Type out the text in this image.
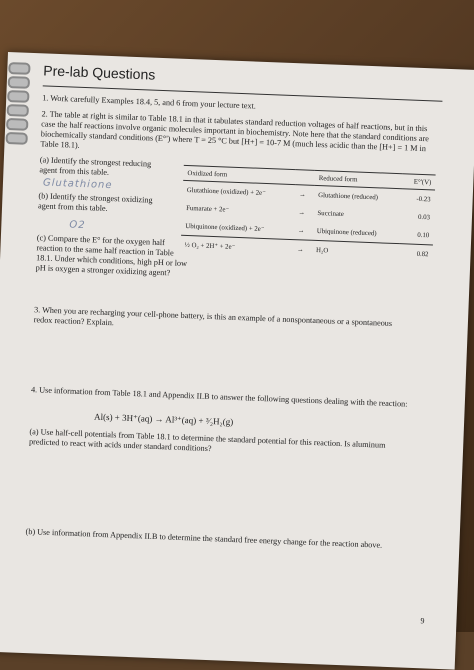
Pre-lab Questions
1. Work carefully Examples 18.4, 5, and 6 from your lecture text.
2. The table at right is similar to Table 18.1 in that it tabulates standard reduction voltages of half reactions, but in this case the half reactions involve organic molecules important in biochemistry. Note here that the standard conditions are biochemically standard conditions (E°') where T = 25 °C but [H+] = 10-7 M (much less acidic than the [H+] = 1 M in Table 18.1).
(a) Identify the strongest reducing agent from this table.
Glutathione
(b) Identify the strongest oxidizing agent from this table.
O2
(c) Compare the E° for the oxygen half reaction to the same half reaction in Table 18.1. Under which conditions, high pH or low pH is oxygen a stronger oxidizing agent?
Oxidized form		Reduced form	E°'(V)
Glutathione (oxidized) + 2e⁻	→	Glutathione (reduced)	-0.23
Fumarate + 2e⁻	→	Succinate	0.03
Ubiquinone (oxidized) + 2e⁻	→	Ubiquinone (reduced)	0.10
½ O₂ + 2H⁺ + 2e⁻	→	H₂O	0.82
3. When you are recharging your cell-phone battery, is this an example of a nonspontaneous or a spontaneous redox reaction? Explain.
4. Use information from Table 18.1 and Appendix II.B to answer the following questions dealing with the reaction:
Al(s) + 3H⁺(aq) → Al³⁺(aq) + ³⁄₂H₂(g)
(a) Use half-cell potentials from Table 18.1 to determine the standard potential for this reaction. Is aluminum predicted to react with acids under standard conditions?
(b) Use information from Appendix II.B to determine the standard free energy change for the reaction above.
9
